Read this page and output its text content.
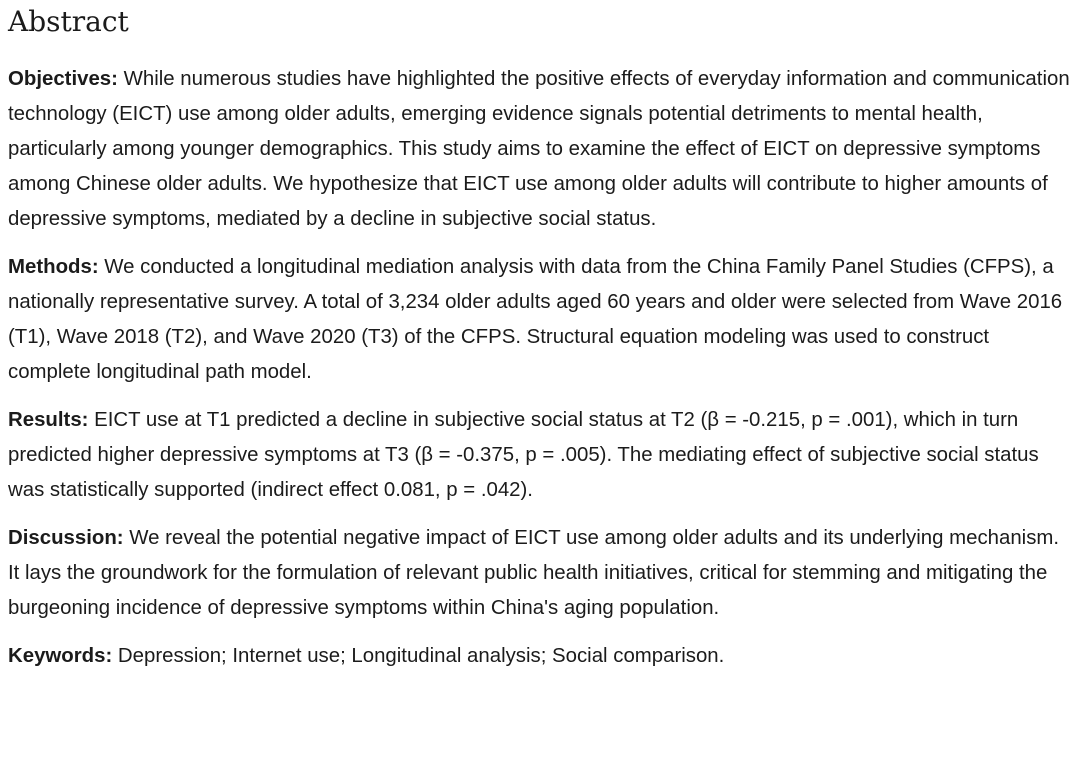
Abstract

Objectives: While numerous studies have highlighted the positive effects of everyday information and communication technology (EICT) use among older adults, emerging evidence signals potential detriments to mental health, particularly among younger demographics. This study aims to examine the effect of EICT on depressive symptoms among Chinese older adults. We hypothesize that EICT use among older adults will contribute to higher amounts of depressive symptoms, mediated by a decline in subjective social status.

Methods: We conducted a longitudinal mediation analysis with data from the China Family Panel Studies (CFPS), a nationally representative survey. A total of 3,234 older adults aged 60 years and older were selected from Wave 2016 (T1), Wave 2018 (T2), and Wave 2020 (T3) of the CFPS. Structural equation modeling was used to construct complete longitudinal path model.

Results: EICT use at T1 predicted a decline in subjective social status at T2 (β = -0.215, p = .001), which in turn predicted higher depressive symptoms at T3 (β = -0.375, p = .005). The mediating effect of subjective social status was statistically supported (indirect effect 0.081, p = .042).

Discussion: We reveal the potential negative impact of EICT use among older adults and its underlying mechanism. It lays the groundwork for the formulation of relevant public health initiatives, critical for stemming and mitigating the burgeoning incidence of depressive symptoms within China's aging population.

Keywords: Depression; Internet use; Longitudinal analysis; Social comparison.
